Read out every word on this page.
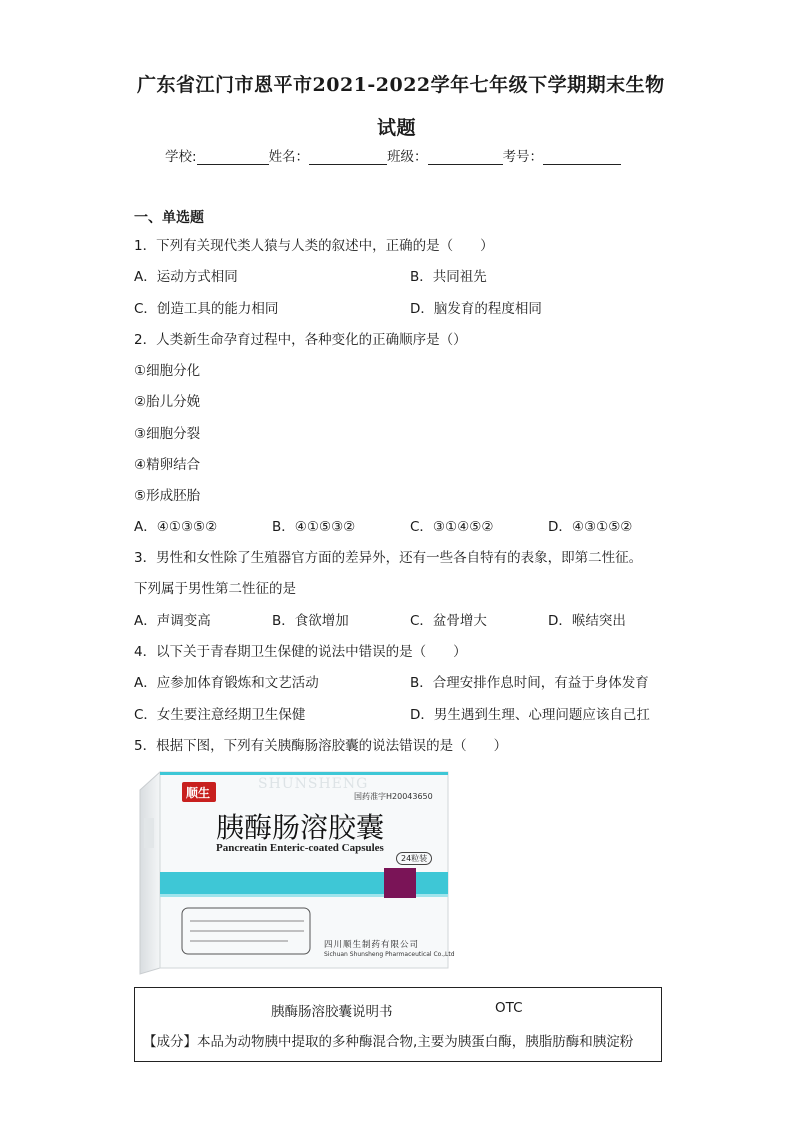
广东省江门市恩平市2021-2022学年七年级下学期期末生物
试题
学校:	姓名：	班级：	考号：
一、单选题
1．下列有关现代类人猿与人类的叙述中，正确的是（　　）
A．运动方式相同	B．共同祖先
C．创造工具的能力相同	D．脑发育的程度相同
2．人类新生命孕育过程中，各种变化的正确顺序是（）
①细胞分化
②胎儿分娩
③细胞分裂
④精卵结合
⑤形成胚胎
A．④①③⑤②	B．④①⑤③②	C．③①④⑤②	D．④③①⑤②
3．男性和女性除了生殖器官方面的差异外，还有一些各自特有的表象，即第二性征。
下列属于男性第二性征的是
A．声调变高	B．食欲增加	C．盆骨增大	D．喉结突出
4．以下关于青春期卫生保健的说法中错误的是（　　）
A．应参加体育锻炼和文艺活动	B．合理安排作息时间，有益于身体发育
C．女生要注意经期卫生保健	D．男生遇到生理、心理问题应该自己扛
5．根据下图，下列有关胰酶肠溶胶囊的说法错误的是（　　）
顺生
SHUNSHENG
国药准字H20043650
胰酶肠溶胶囊
Pancreatin Enteric-coated Capsules
24粒装
四川顺生制药有限公司
Sichuan Shunsheng Pharmaceutical Co.,Ltd
胰酶肠溶胶囊说明书	OTC
【成分】本品为动物胰中提取的多种酶混合物,主要为胰蛋白酶，胰脂肪酶和胰淀粉
